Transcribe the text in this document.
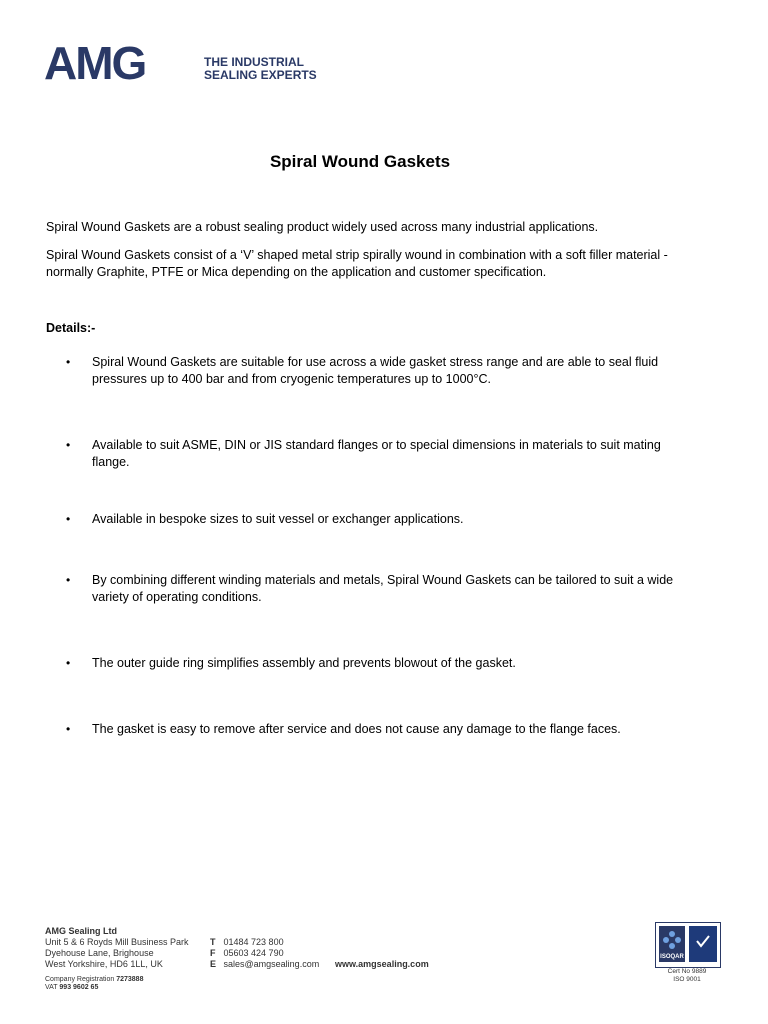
AMG	THE INDUSTRIAL
SEALING EXPERTS
Spiral Wound Gaskets
Spiral Wound Gaskets are a robust sealing product widely used across many industrial applications.
Spiral Wound Gaskets consist of a ‘V’ shaped metal strip spirally wound in combination with a soft filler material - normally Graphite, PTFE or Mica depending on the application and customer specification.
Details:-
• Spiral Wound Gaskets are suitable for use across a wide gasket stress range and are able to seal fluid pressures up to 400 bar and from cryogenic temperatures up to 1000°C.
• Available to suit ASME, DIN or JIS standard flanges or to special dimensions in materials to suit mating flange.
• Available in bespoke sizes to suit vessel or exchanger applications.
• By combining different winding materials and metals, Spiral Wound Gaskets can be tailored to suit a wide variety of operating conditions.
• The outer guide ring simplifies assembly and prevents blowout of the gasket.
• The gasket is easy to remove after service and does not cause any damage to the flange faces.
AMG Sealing Ltd
Unit 5 & 6 Royds Mill Business Park
Dyehouse Lane, Brighouse
West Yorkshire, HD6 1LL, UK
T 01484 723 800
F 05603 424 790
E sales@amgsealing.com www.amgsealing.com
Company Registration 7273888
VAT 993 9602 65
ISOQAR
Cert No 9889
ISO 9001
